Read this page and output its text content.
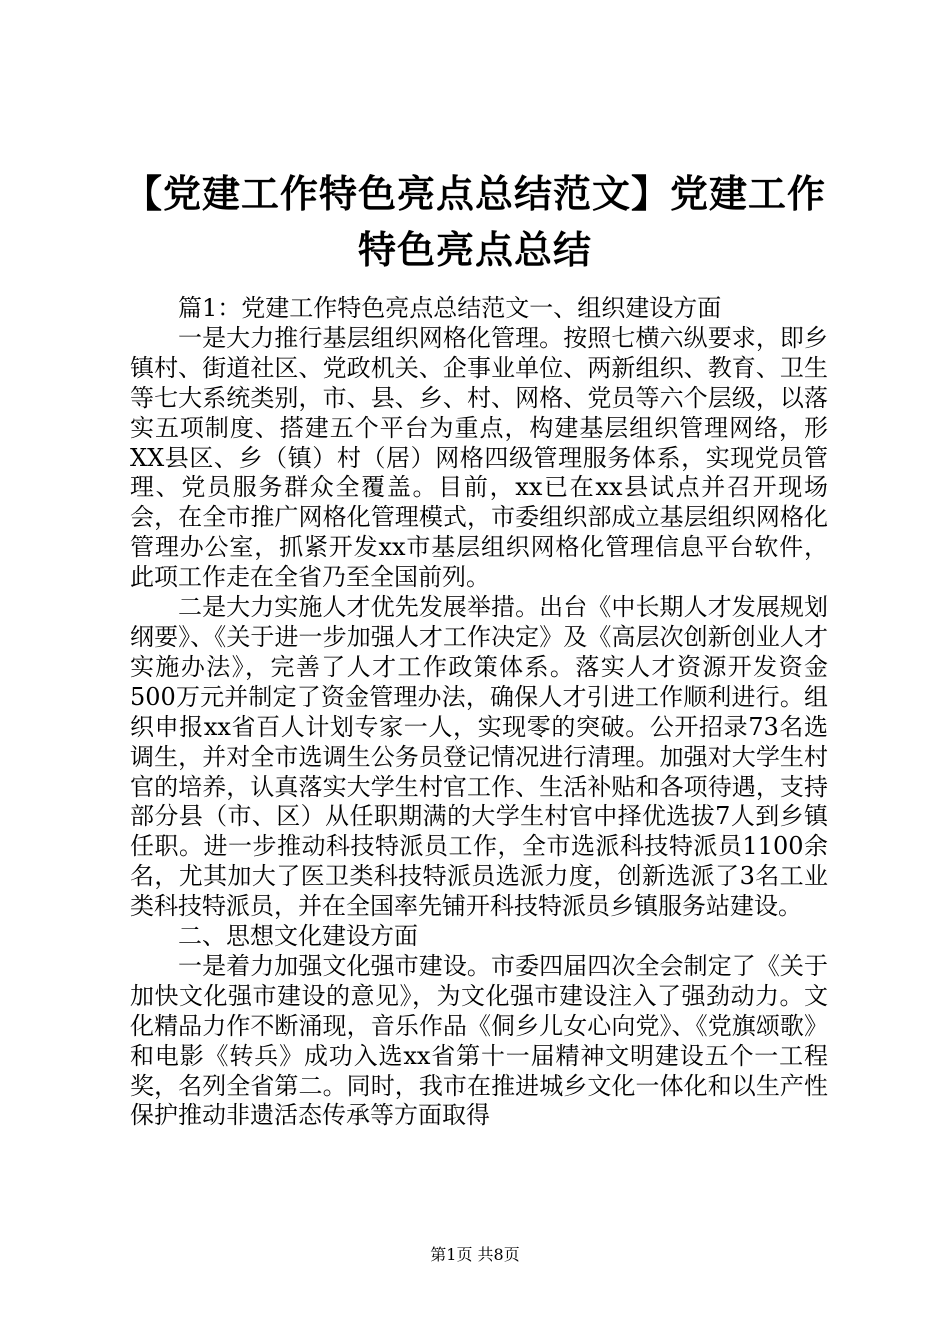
【党建工作特色亮点总结范文】党建工作特色亮点总结

篇1：党建工作特色亮点总结范文一、组织建设方面

一是大力推行基层组织网格化管理。按照七横六纵要求，即乡镇村、街道社区、党政机关、企事业单位、两新组织、教育、卫生等七大系统类别，市、县、乡、村、网格、党员等六个层级，以落实五项制度、搭建五个平台为重点，构建基层组织管理网络，形XX县区、乡（镇）村（居）网格四级管理服务体系，实现党员管理、党员服务群众全覆盖。目前，xx已在xx县试点并召开现场会，在全市推广网格化管理模式，市委组织部成立基层组织网格化管理办公室，抓紧开发xx市基层组织网格化管理信息平台软件，此项工作走在全省乃至全国前列。

二是大力实施人才优先发展举措。出台《中长期人才发展规划纲要》、《关于进一步加强人才工作决定》及《高层次创新创业人才实施办法》，完善了人才工作政策体系。落实人才资源开发资金500万元并制定了资金管理办法，确保人才引进工作顺利进行。组织申报xx省百人计划专家一人，实现零的突破。公开招录73名选调生，并对全市选调生公务员登记情况进行清理。加强对大学生村官的培养，认真落实大学生村官工作、生活补贴和各项待遇，支持部分县（市、区）从任职期满的大学生村官中择优选拔7人到乡镇任职。进一步推动科技特派员工作，全市选派科技特派员1100余名，尤其加大了医卫类科技特派员选派力度，创新选派了3名工业类科技特派员，并在全国率先铺开科技特派员乡镇服务站建设。

二、思想文化建设方面

一是着力加强文化强市建设。市委四届四次全会制定了《关于加快文化强市建设的意见》，为文化强市建设注入了强劲动力。文化精品力作不断涌现，音乐作品《侗乡儿女心向党》、《党旗颂歌》和电影《转兵》成功入选xx省第十一届精神文明建设五个一工程奖，名列全省第二。同时，我市在推进城乡文化一体化和以生产性保护推动非遗活态传承等方面取得

第1页 共8页
